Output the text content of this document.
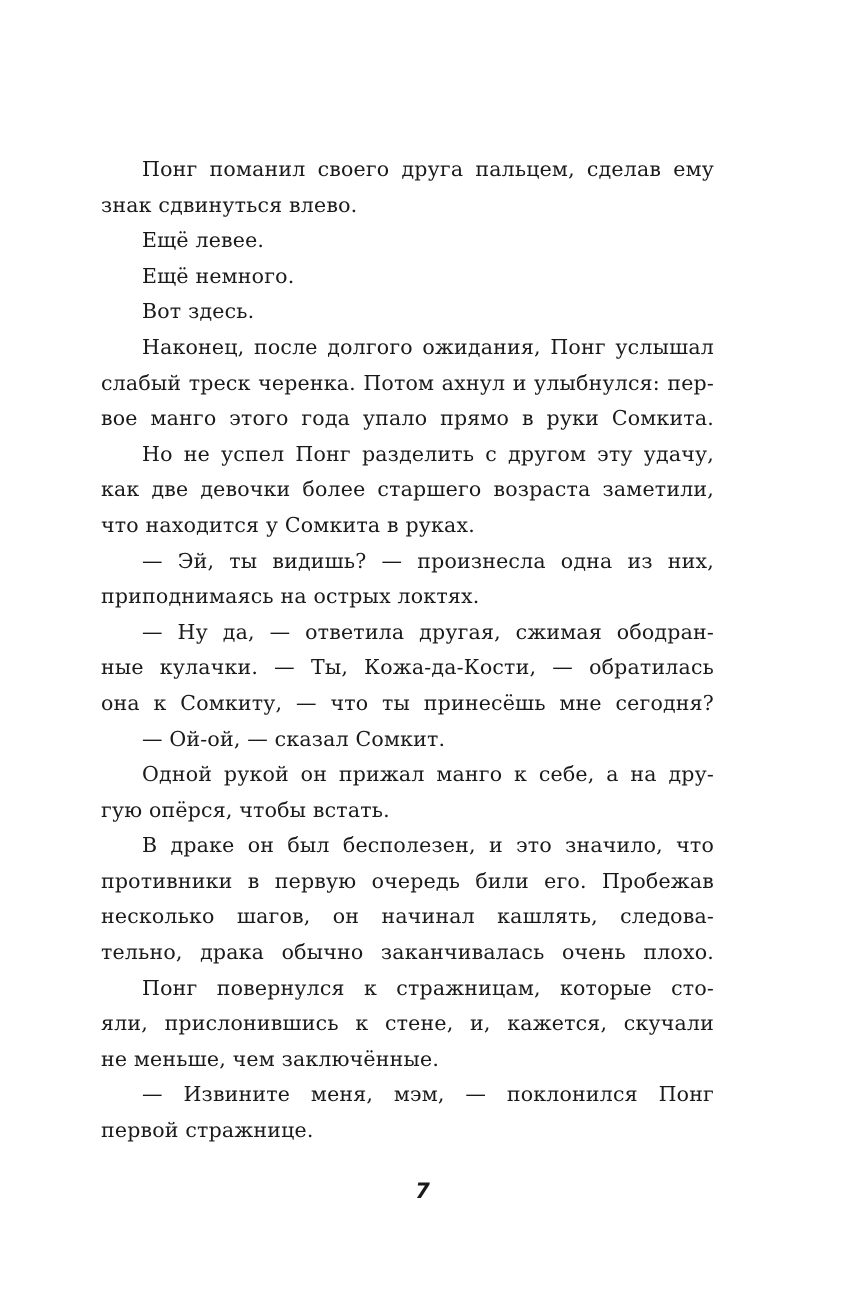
Понг поманил своего друга пальцем, сделав ему
знак сдвинуться влево.
Ещё левее.
Ещё немного.
Вот здесь.
Наконец, после долгого ожидания, Понг услышал
слабый треск черенка. Потом ахнул и улыбнулся: пер-
вое манго этого года упало прямо в руки Сомкита.
Но не успел Понг разделить с другом эту удачу,
как две девочки более старшего возраста заметили,
что находится у Сомкита в руках.
— Эй, ты видишь? — произнесла одна из них,
приподнимаясь на острых локтях.
— Ну да, — ответила другая, сжимая ободран-
ные кулачки. — Ты, Кожа-да-Кости, — обратилась
она к Сомкиту, — что ты принесёшь мне сегодня?
— Ой-ой, — сказал Сомкит.
Одной рукой он прижал манго к себе, а на дру-
гую опёрся, чтобы встать.
В драке он был бесполезен, и это значило, что
противники в первую очередь били его. Пробежав
несколько шагов, он начинал кашлять, следова-
тельно, драка обычно заканчивалась очень плохо.
Понг повернулся к стражницам, которые сто-
яли, прислонившись к стене, и, кажется, скучали
не меньше, чем заключённые.
— Извините меня, мэм, — поклонился Понг
первой стражнице.
7
